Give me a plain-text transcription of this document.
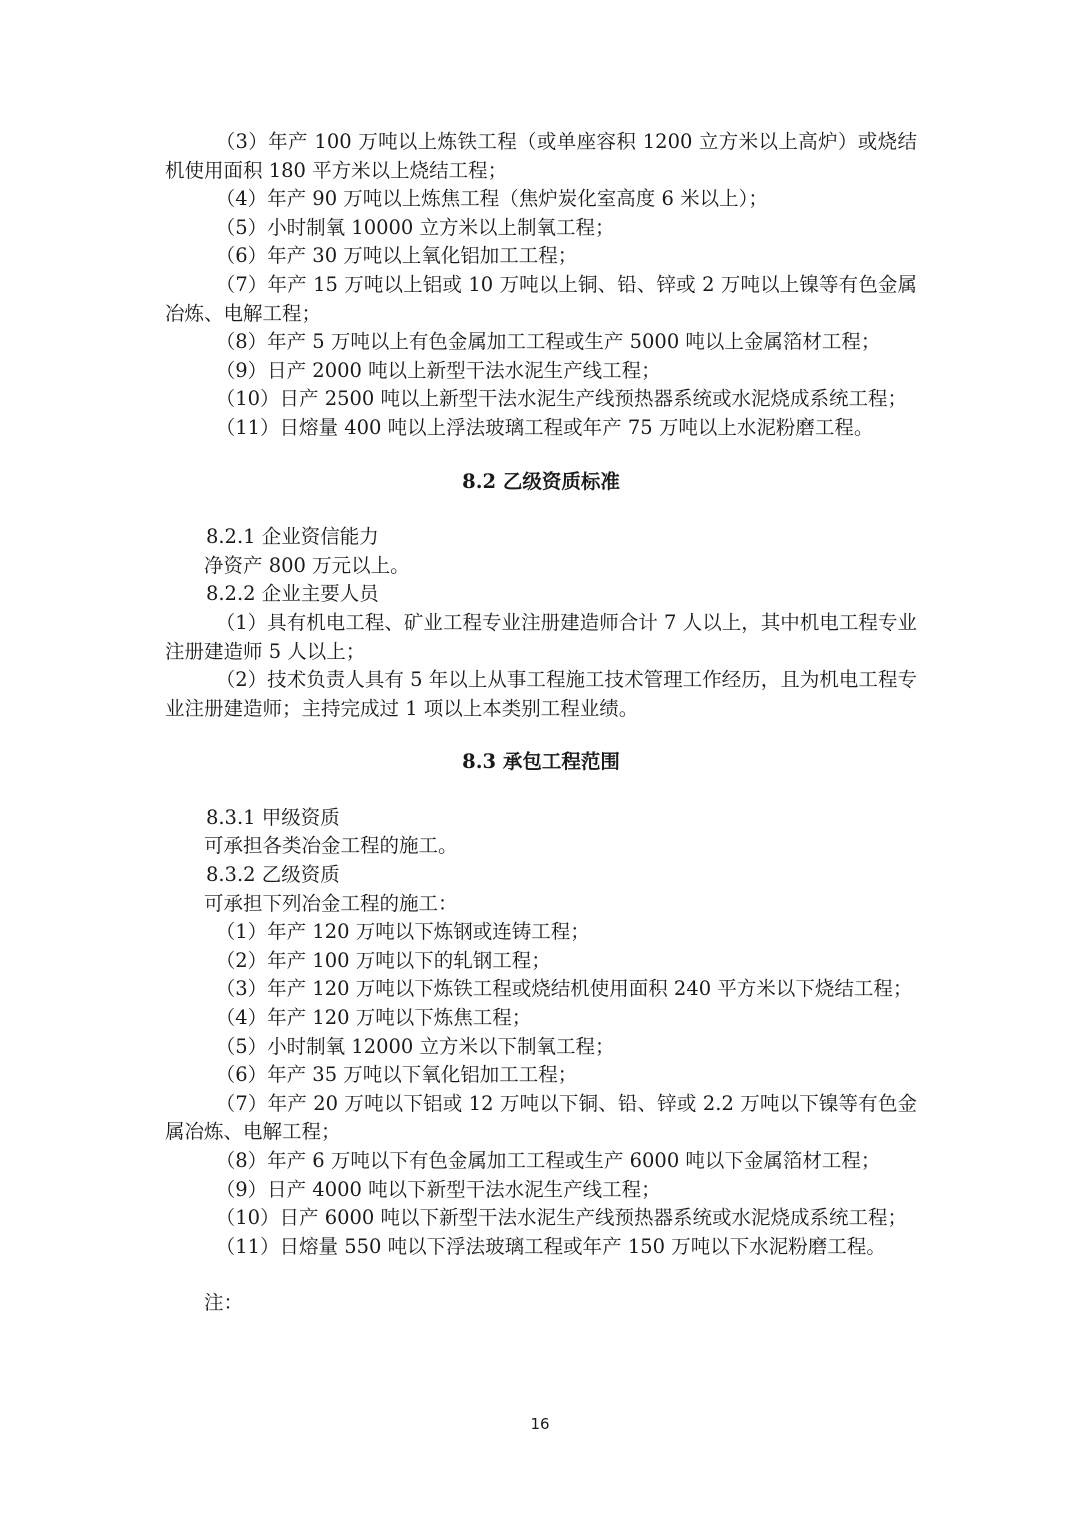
（3）年产 100 万吨以上炼铁工程（或单座容积 1200 立方米以上高炉）或烧结机使用面积 180 平方米以上烧结工程；

（4）年产 90 万吨以上炼焦工程（焦炉炭化室高度 6 米以上）；

（5）小时制氧 10000 立方米以上制氧工程；

（6）年产 30 万吨以上氧化铝加工工程；

（7）年产 15 万吨以上铝或 10 万吨以上铜、铅、锌或 2 万吨以上镍等有色金属冶炼、电解工程；

（8）年产 5 万吨以上有色金属加工工程或生产 5000 吨以上金属箔材工程；

（9）日产 2000 吨以上新型干法水泥生产线工程；

（10）日产 2500 吨以上新型干法水泥生产线预热器系统或水泥烧成系统工程；

（11）日熔量 400 吨以上浮法玻璃工程或年产 75 万吨以上水泥粉磨工程。

8.2 乙级资质标准

8.2.1 企业资信能力

净资产 800 万元以上。

8.2.2 企业主要人员

（1）具有机电工程、矿业工程专业注册建造师合计 7 人以上，其中机电工程专业注册建造师 5 人以上；

（2）技术负责人具有 5 年以上从事工程施工技术管理工作经历，且为机电工程专业注册建造师；主持完成过 1 项以上本类别工程业绩。

8.3 承包工程范围

8.3.1 甲级资质

可承担各类冶金工程的施工。

8.3.2 乙级资质

可承担下列冶金工程的施工：

（1）年产 120 万吨以下炼钢或连铸工程；

（2）年产 100 万吨以下的轧钢工程；

（3）年产 120 万吨以下炼铁工程或烧结机使用面积 240 平方米以下烧结工程；

（4）年产 120 万吨以下炼焦工程；

（5）小时制氧 12000 立方米以下制氧工程；

（6）年产 35 万吨以下氧化铝加工工程；

（7）年产 20 万吨以下铝或 12 万吨以下铜、铅、锌或 2.2 万吨以下镍等有色金属冶炼、电解工程；

（8）年产 6 万吨以下有色金属加工工程或生产 6000 吨以下金属箔材工程；

（9）日产 4000 吨以下新型干法水泥生产线工程；

（10）日产 6000 吨以下新型干法水泥生产线预热器系统或水泥烧成系统工程；

（11）日熔量 550 吨以下浮法玻璃工程或年产 150 万吨以下水泥粉磨工程。

注：

16
